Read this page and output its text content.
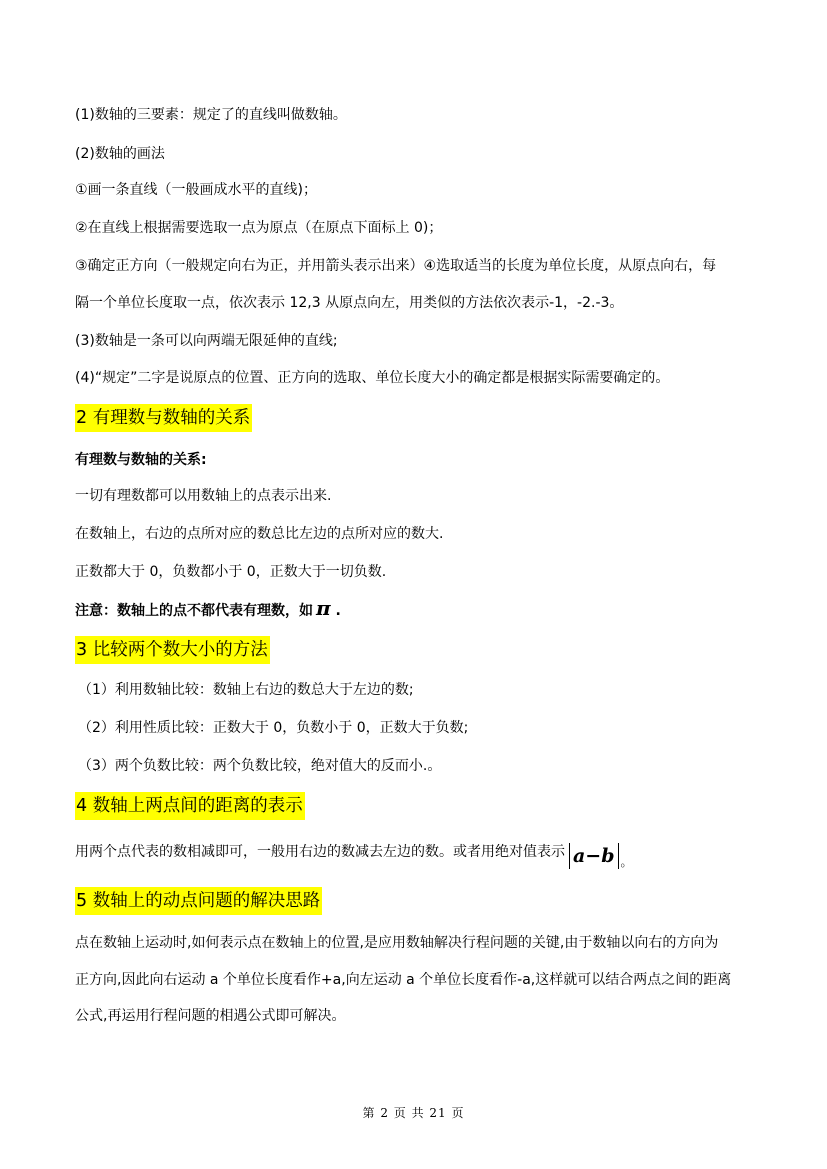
(1)数轴的三要素：规定了的直线叫做数轴。
(2)数轴的画法
①画一条直线（一般画成水平的直线)；
②在直线上根据需要选取一点为原点（在原点下面标上 0)；
③确定正方向（一般规定向右为正，并用箭头表示出来）④选取适当的长度为单位长度，从原点向右，每
隔一个单位长度取一点，依次表示 12,3 从原点向左，用类似的方法依次表示-1，-2.-3。
(3)数轴是一条可以向两端无限延伸的直线;
(4)“规定”二字是说原点的位置、正方向的选取、单位长度大小的确定都是根据实际需要确定的。
2 有理数与数轴的关系
有理数与数轴的关系:
一切有理数都可以用数轴上的点表示出来.
在数轴上，右边的点所对应的数总比左边的点所对应的数大.
正数都大于 0，负数都小于 0，正数大于一切负数.
注意：数轴上的点不都代表有理数，如 π .
3 比较两个数大小的方法
（1）利用数轴比较：数轴上右边的数总大于左边的数;
（2）利用性质比较：正数大于 0，负数小于 0，正数大于负数;
（3）两个负数比较：两个负数比较，绝对值大的反而小.。
4 数轴上两点间的距离的表示
用两个点代表的数相减即可，一般用右边的数减去左边的数。或者用绝对值表示 a−b 。
5 数轴上的动点问题的解决思路
点在数轴上运动时,如何表示点在数轴上的位置,是应用数轴解决行程问题的关键,由于数轴以向右的方向为
正方向,因此向右运动 a 个单位长度看作+a,向左运动 a 个单位长度看作-a,这样就可以结合两点之间的距离
公式,再运用行程问题的相遇公式即可解决。
第 2 页 共 21 页
